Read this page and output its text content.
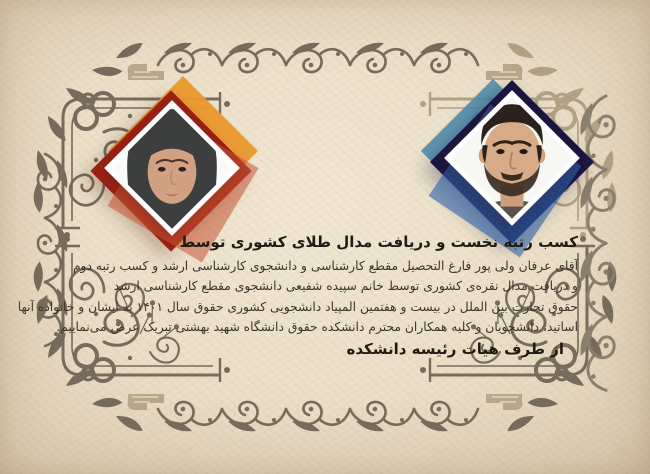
کسب رتبه نخست و دریافت مدال طلای کشوری توسط

آقای عرفان ولی پور فارغ التحصیل مقطع کارشناسی و دانشجوی کارشناسی ارشد و کسب رتبه دوم

و دریافت مدال نقره‌ی کشوری توسط خانم سپیده شفیعی دانشجوی مقطع کارشناسی ارشد

حقوق تجارت بین الملل در بیست و هفتمین المپیاد دانشجویی کشوری حقوق سال ۱۴۰۱ به ایشان و خانواده آنها

اساتید، دانشجویان و کلیه همکاران محترم دانشکده حقوق دانشگاه شهید بهشتی تبریک عرض می‌نماییم.

از طرف هیات رئیسه دانشکده
